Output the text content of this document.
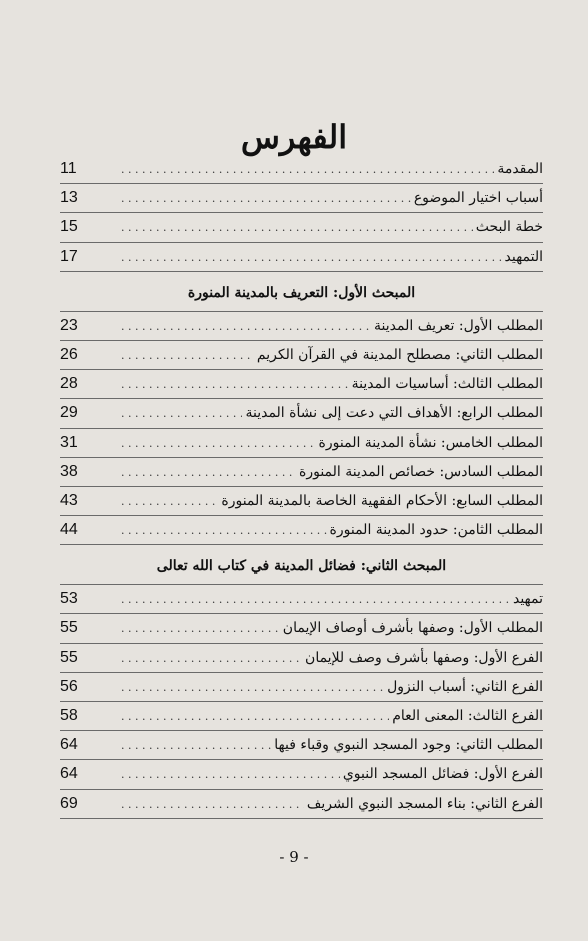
الفهرس
المقدمة
. . .
11
أسباب اختيار الموضوع
. . .
13
خطة البحث
. . .
15
التمهيد
. . .
17
المبحث الأول: التعريف بالمدينة المنورة
المطلب الأول: تعريف المدينة
. . .
23
المطلب الثاني: مصطلح المدينة في القرآن الكريم
. . .
26
المطلب الثالث: أساسيات المدينة
. . .
28
المطلب الرابع: الأهداف التي دعت إلى نشأة المدينة
. . .
29
المطلب الخامس: نشأة المدينة المنورة
. . .
31
المطلب السادس: خصائص المدينة المنورة
. . .
38
المطلب السابع: الأحكام الفقهية الخاصة بالمدينة المنورة
. . .
43
المطلب الثامن: حدود المدينة المنورة
. . .
44
المبحث الثاني: فضائل المدينة في كتاب الله تعالى
تمهيد
. . .
53
المطلب الأول: وصفها بأشرف أوصاف الإيمان
. . .
55
الفرع الأول: وصفها بأشرف وصف للإيمان
. . .
55
الفرع الثاني: أسباب النزول
. . .
56
الفرع الثالث: المعنى العام
. . .
58
المطلب الثاني: وجود المسجد النبوي وقباء فيها
. . .
64
الفرع الأول: فضائل المسجد النبوي
. . .
64
الفرع الثاني: بناء المسجد النبوي الشريف
. . .
69
- 9 -
